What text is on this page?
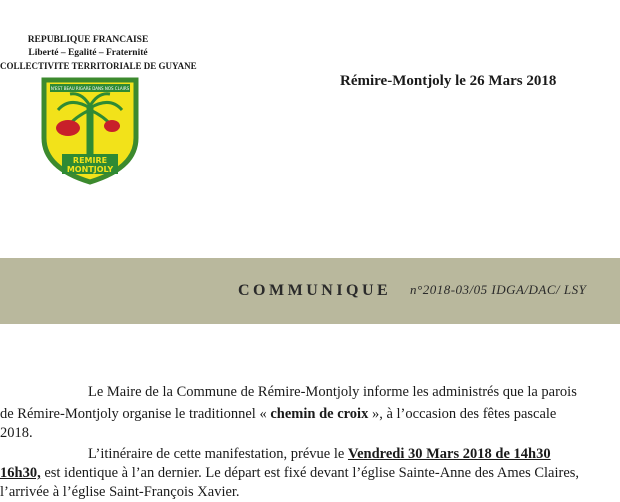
REPUBLIQUE FRANCAISE
Liberté – Egalité – Fraternité
COLLECTIVITE TERRITORIALE DE GUYANE
Rémire-Montjoly le 26 Mars 2018
N'EST BEAU RIGARE DANS NOS CLAIRS
REMIRE
MONTJOLY
COMMUNIQUE n°2018-03/05 IDGA/DAC/ LSY
Le Maire de la Commune de Rémire-Montjoly informe les administrés que la parois
de Rémire-Montjoly organise le traditionnel « chemin de croix », à l’occasion des fêtes pascale
2018.
L’itinéraire de cette manifestation, prévue le Vendredi 30 Mars 2018 de 14h30
16h30, est identique à l’an dernier. Le départ est fixé devant l’église Sainte-Anne des Ames Claires,
l’arrivée à l’église Saint-François Xavier.
